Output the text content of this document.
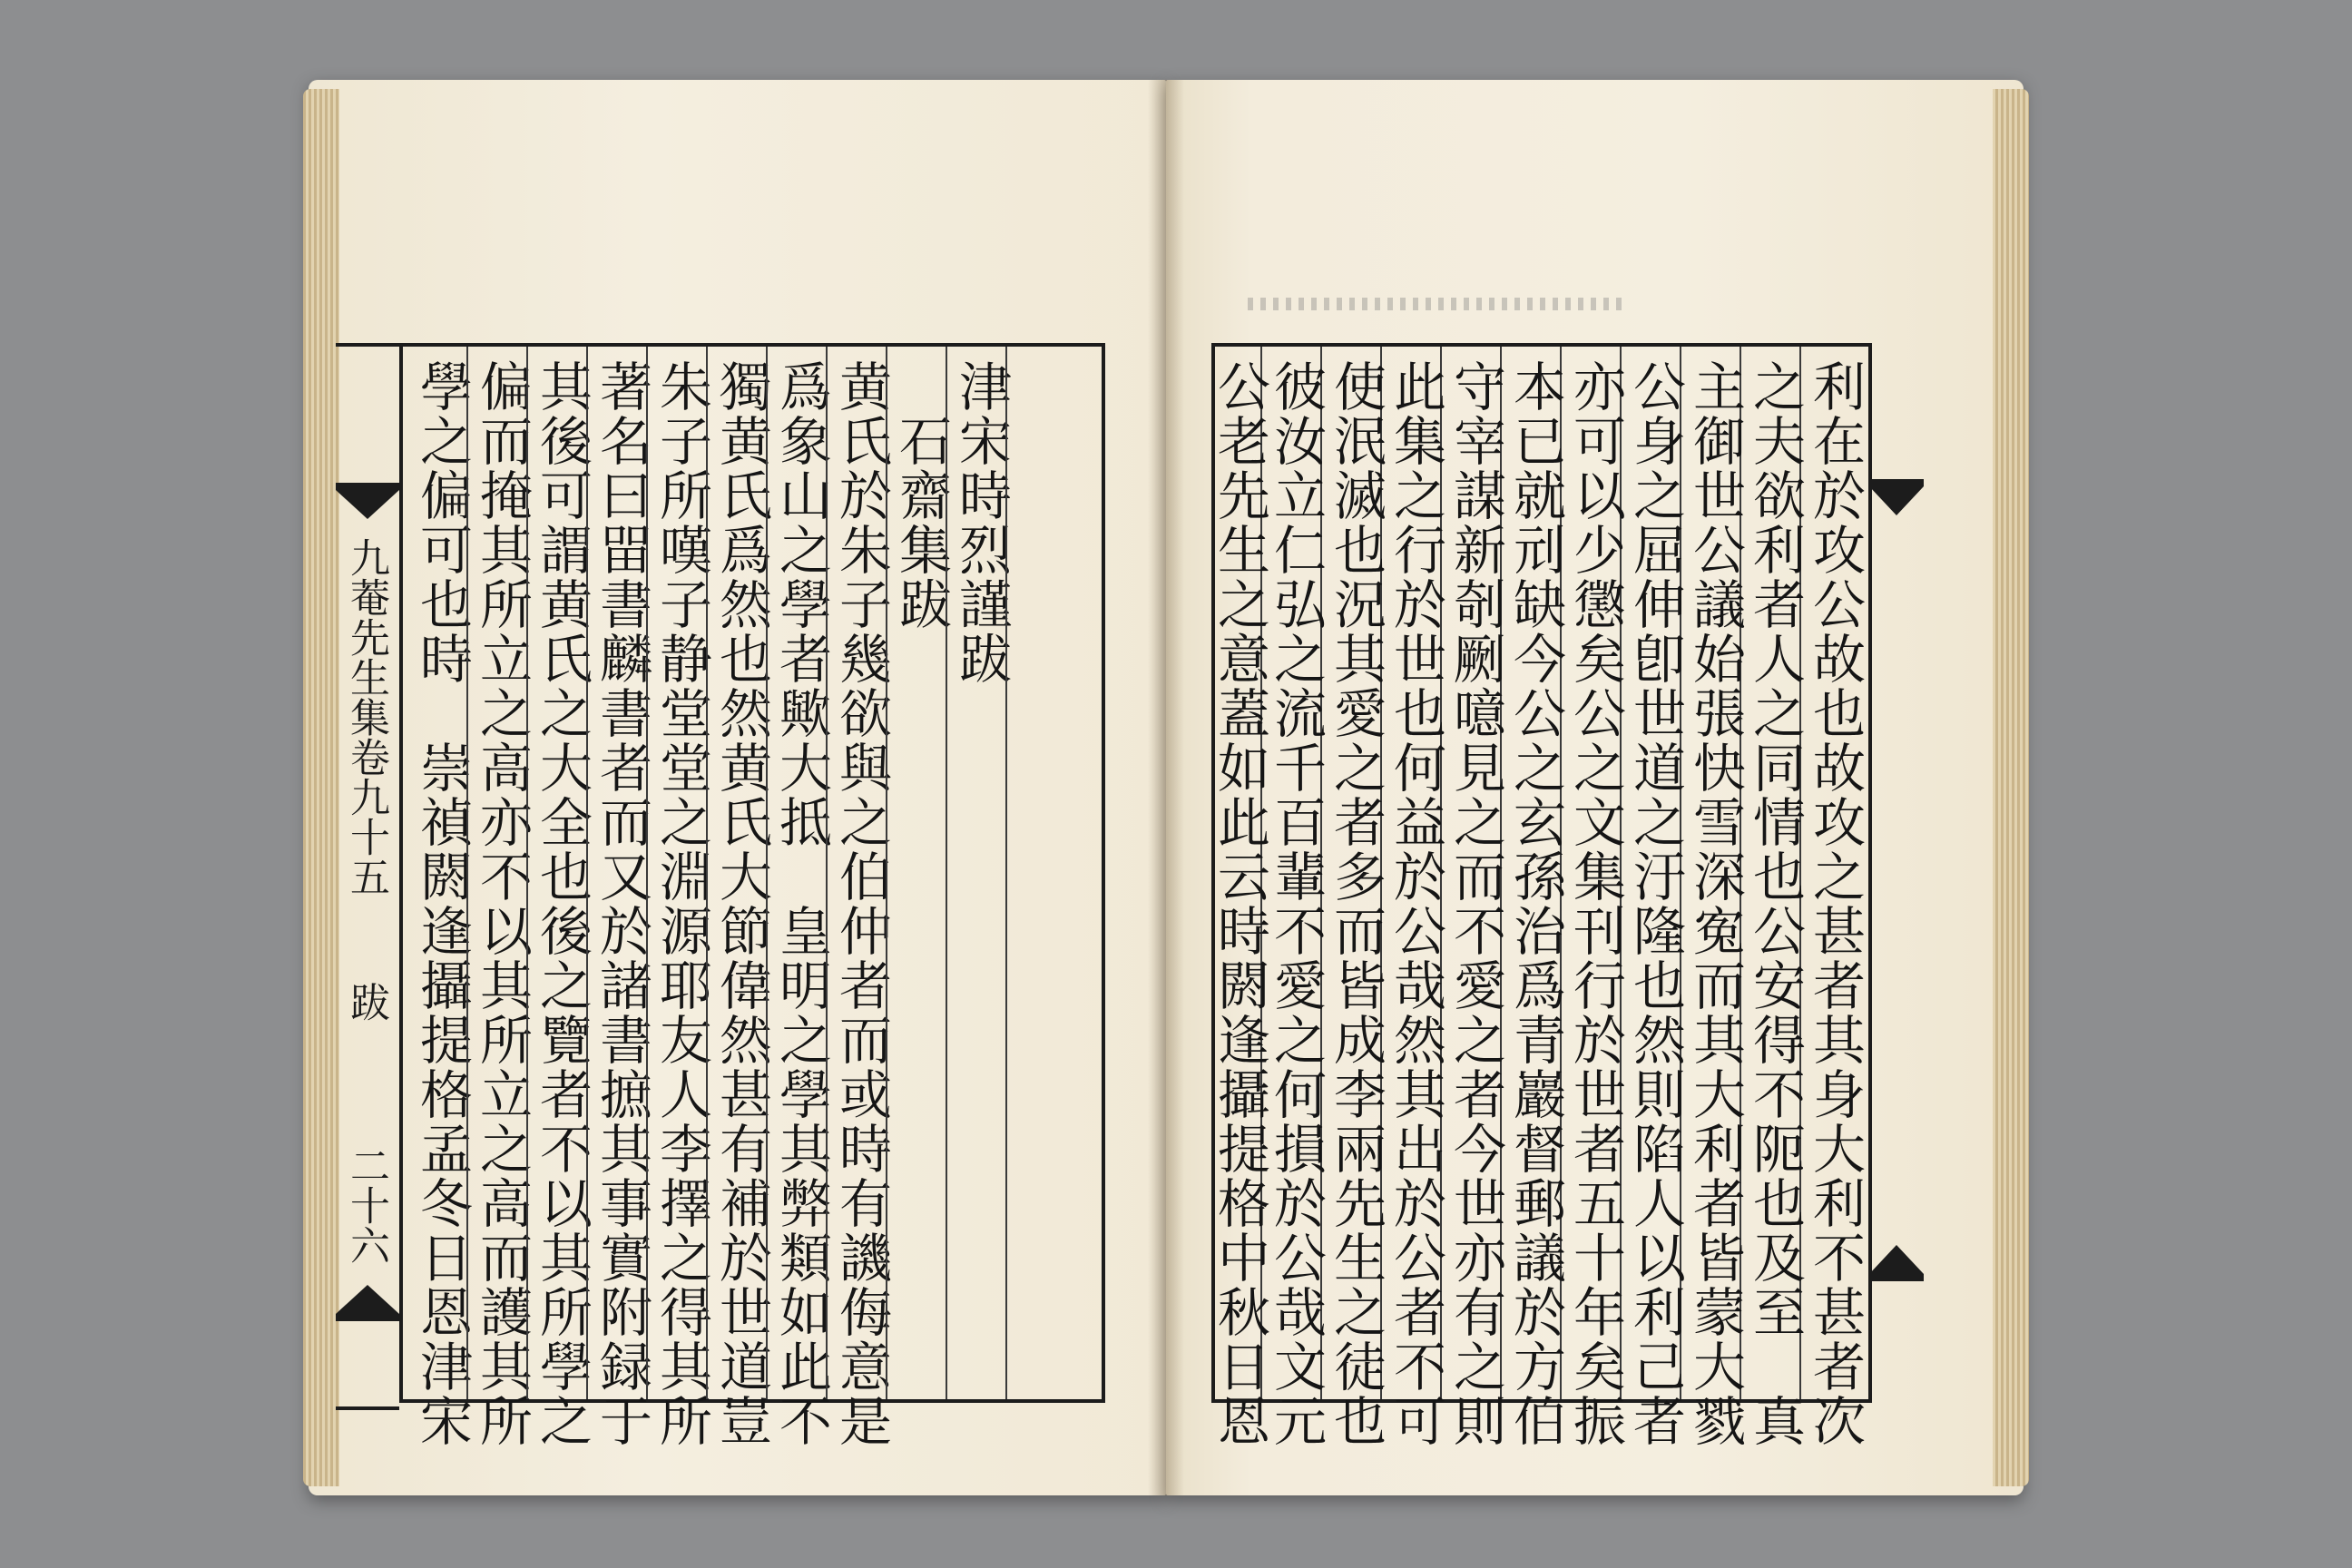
津宋時烈謹跋
　石齋集跋
黄氏於朱子幾欲與之伯仲者而或時有譏侮意是
爲象山之學者歟大抵　皇明之學其弊類如此不
獨黄氏爲然也然黄氏大節偉然甚有補於世道豈
朱子所嘆子静堂堂之淵源耶友人李擇之得其所
著名曰㽞書麟書者而又於諸書摭其事實附録于
其後可謂黄氏之大全也後之覽者不以其所學之
偏而掩其所立之高亦不以其所立之高而護其所
學之偏可也時　崇禎閼逢攝提格孟冬日恩津宋
九菴先生集卷九十五
跋
二十六	利在於攻公故也故攻之甚者其身大利不甚者次
之夫欲利者人之同情也公安得不阨也及至　真
主御世公議始張快雪深寃而其大利者皆蒙大戮
公身之屈伸卽世道之汙隆也然則陷人以利己者
亦可以少懲矣公之文集刊行於世者五十年矣振
本已就刓缺今公之玄孫治爲青巖督郵議於方伯
守宰謀新剞劂噫見之而不愛之者今世亦有之則
此集之行於世也何益於公哉然其出於公者不可
使泯滅也況其愛之者多而皆成李兩先生之徒也
彼汝立仁弘之流千百輩不愛之何損於公哉文元
公老先生之意蓋如此云時閼逢攝提格中秋日恩
